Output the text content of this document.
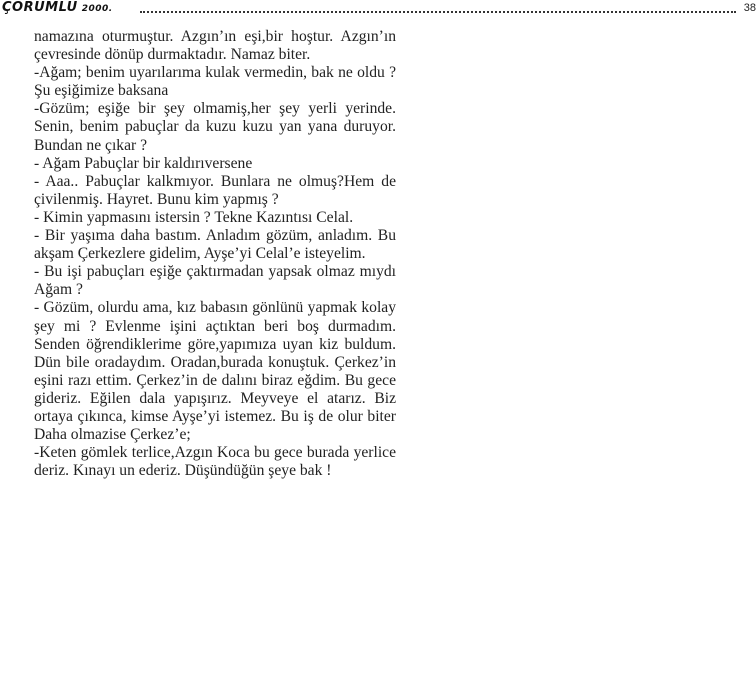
ÇORUMLU 2000.	38

namazına oturmuştur. Azgın’ın eşi,bir hoştur. Azgın’ın çevresinde dönüp durmaktadır. Namaz biter.

-Ağam; benim uyarılarıma kulak vermedin, bak ne oldu ? Şu eşiğimize baksana

-Gözüm; eşiğe bir şey olmamiş,her şey yerli yerinde. Senin, benim pabuçlar da kuzu kuzu yan yana duruyor. Bundan ne çıkar ?

- Ağam Pabuçlar bir kaldırıversene

- Aaa.. Pabuçlar kalkmıyor. Bunlara ne olmuş?Hem de çivilenmiş. Hayret. Bunu kim yapmış ?

- Kimin yapmasını istersin ? Tekne Kazıntısı Celal.

- Bir yaşıma daha bastım. Anladım gözüm, anladım. Bu akşam Çerkezlere gidelim, Ayşe’yi Celal’e isteyelim.

- Bu işi pabuçları eşiğe çaktırmadan yapsak olmaz mıydı Ağam ?

- Gözüm, olurdu ama, kız babasın gönlünü yapmak kolay şey mi ? Evlenme işini açtıktan beri boş durmadım. Senden öğrendiklerime göre,yapımıza uyan kiz buldum. Dün bile oradaydım. Oradan,burada konuştuk. Çerkez’in eşini razı ettim. Çerkez’in de dalını biraz eğdim. Bu gece gideriz. Eğilen dala yapışırız. Meyveye el atarız. Biz ortaya çıkınca, kimse Ayşe’yi istemez. Bu iş de olur biter Daha olmazise Çerkez’e;

-Keten gömlek terlice,Azgın Koca bu gece burada yerlice deriz. Kınayı un ederiz. Düşündüğün şeye bak !
